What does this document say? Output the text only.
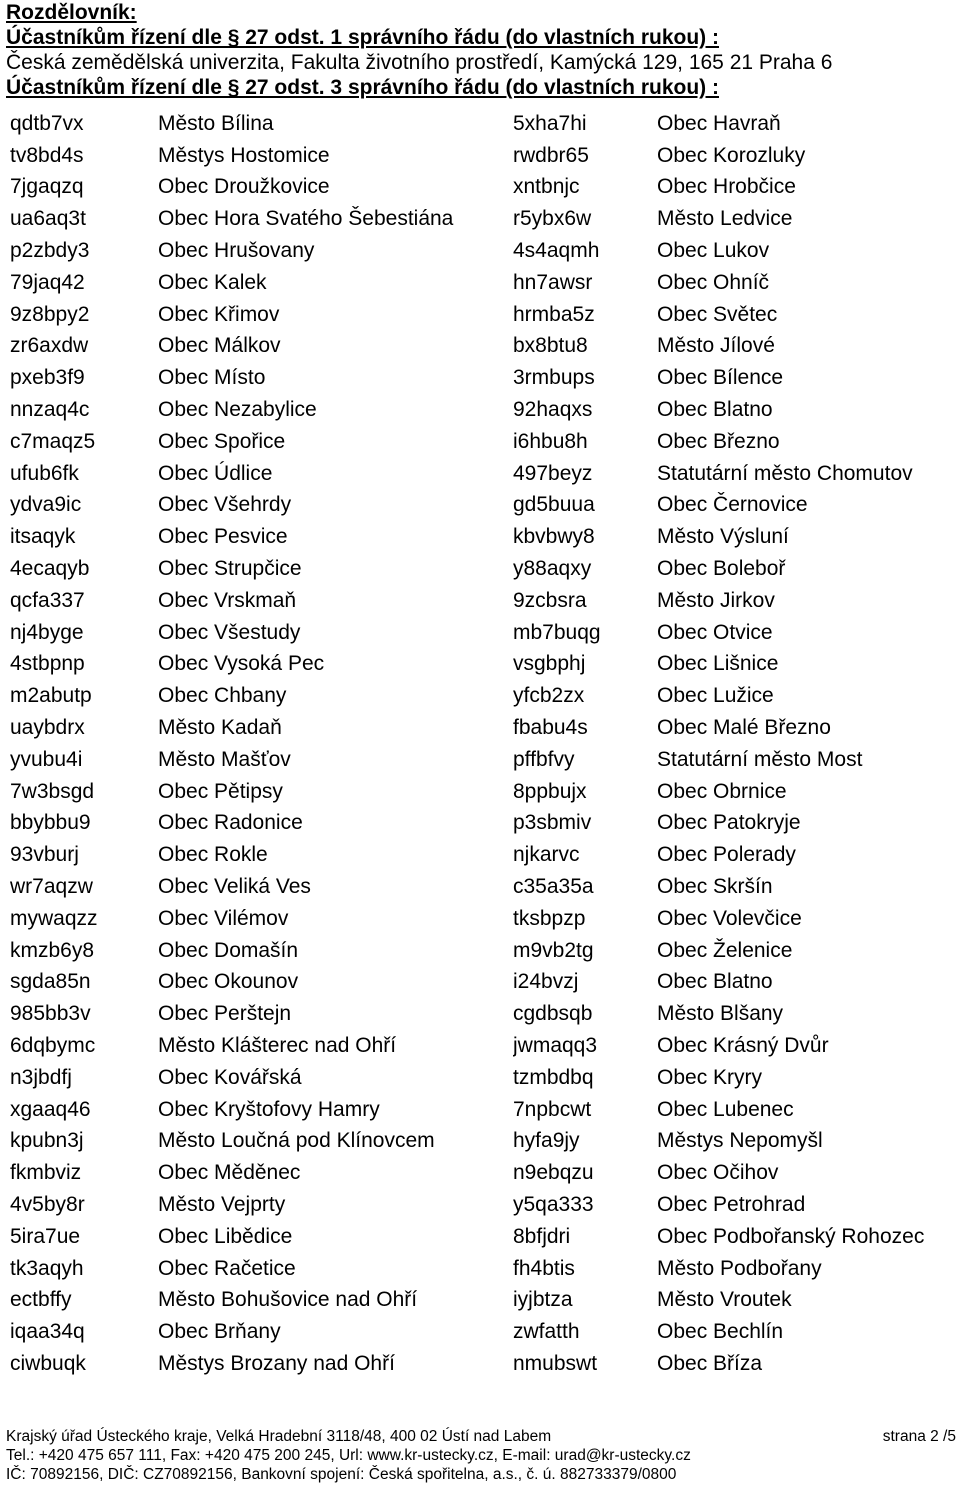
Rozdělovník:
Účastníkům řízení dle § 27 odst. 1 správního řádu (do vlastních rukou) :
Česká zemědělská univerzita, Fakulta životního prostředí, Kamýcká 129, 165 21 Praha 6
Účastníkům řízení dle § 27 odst. 3 správního řádu (do vlastních rukou) :
qdtb7vx	Město Bílina	5xha7hi	Obec Havraň
tv8bd4s	Městys Hostomice	rwdbr65	Obec Korozluky
7jgaqzq	Obec Droužkovice	xntbnjc	Obec Hrobčice
ua6aq3t	Obec Hora Svatého Šebestiána	r5ybx6w	Město Ledvice
p2zbdy3	Obec Hrušovany	4s4aqmh	Obec Lukov
79jaq42	Obec Kalek	hn7awsr	Obec Ohníč
9z8bpy2	Obec Křimov	hrmba5z	Obec Světec
zr6axdw	Obec Málkov	bx8btu8	Město Jílové
pxeb3f9	Obec Místo	3rmbups	Obec Bílence
nnzaq4c	Obec Nezabylice	92haqxs	Obec Blatno
c7maqz5	Obec Spořice	i6hbu8h	Obec Březno
ufub6fk	Obec Údlice	497beyz	Statutární město Chomutov
ydva9ic	Obec Všehrdy	gd5buua	Obec Černovice
itsaqyk	Obec Pesvice	kbvbwy8	Město Výsluní
4ecaqyb	Obec Strupčice	y88aqxy	Obec Boleboř
qcfa337	Obec Vrskmaň	9zcbsra	Město Jirkov
nj4byge	Obec Všestudy	mb7buqg	Obec Otvice
4stbpnp	Obec Vysoká Pec	vsgbphj	Obec Lišnice
m2abutp	Obec Chbany	yfcb2zx	Obec Lužice
uaybdrx	Město Kadaň	fbabu4s	Obec Malé Březno
yvubu4i	Město Mašťov	pffbfvy	Statutární město Most
7w3bsgd	Obec Pětipsy	8ppbujx	Obec Obrnice
bbybbu9	Obec Radonice	p3sbmiv	Obec Patokryje
93vburj	Obec Rokle	njkarvc	Obec Polerady
wr7aqzw	Obec Veliká Ves	c35a35a	Obec Skršín
mywaqzz	Obec Vilémov	tksbpzp	Obec Volevčice
kmzb6y8	Obec Domašín	m9vb2tg	Obec Želenice
sgda85n	Obec Okounov	i24bvzj	Obec Blatno
985bb3v	Obec Perštejn	cgdbsqb	Město Blšany
6dqbymc	Město Klášterec nad Ohří	jwmaqq3	Obec Krásný Dvůr
n3jbdfj	Obec Kovářská	tzmbdbq	Obec Kryry
xgaaq46	Obec Kryštofovy Hamry	7npbcwt	Obec Lubenec
kpubn3j	Město Loučná pod Klínovcem	hyfa9jy	Městys Nepomyšl
fkmbviz	Obec Měděnec	n9ebqzu	Obec Očihov
4v5by8r	Město Vejprty	y5qa333	Obec Petrohrad
5ira7ue	Obec Libědice	8bfjdri	Obec Podbořanský Rohozec
tk3aqyh	Obec Račetice	fh4btis	Město Podbořany
ectbffy	Město Bohušovice nad Ohří	iyjbtza	Město Vroutek
iqaa34q	Obec Brňany	zwfatth	Obec Bechlín
ciwbuqk	Městys Brozany nad Ohří	nmubswt	Obec Bříza
Krajský úřad Ústeckého kraje, Velká Hradební 3118/48, 400 02 Ústí nad Labem	strana 2 /5
Tel.: +420 475 657 111, Fax: +420 475 200 245, Url: www.kr-ustecky.cz, E-mail: urad@kr-ustecky.cz
IČ: 70892156, DIČ: CZ70892156, Bankovní spojení: Česká spořitelna, a.s., č. ú. 882733379/0800
